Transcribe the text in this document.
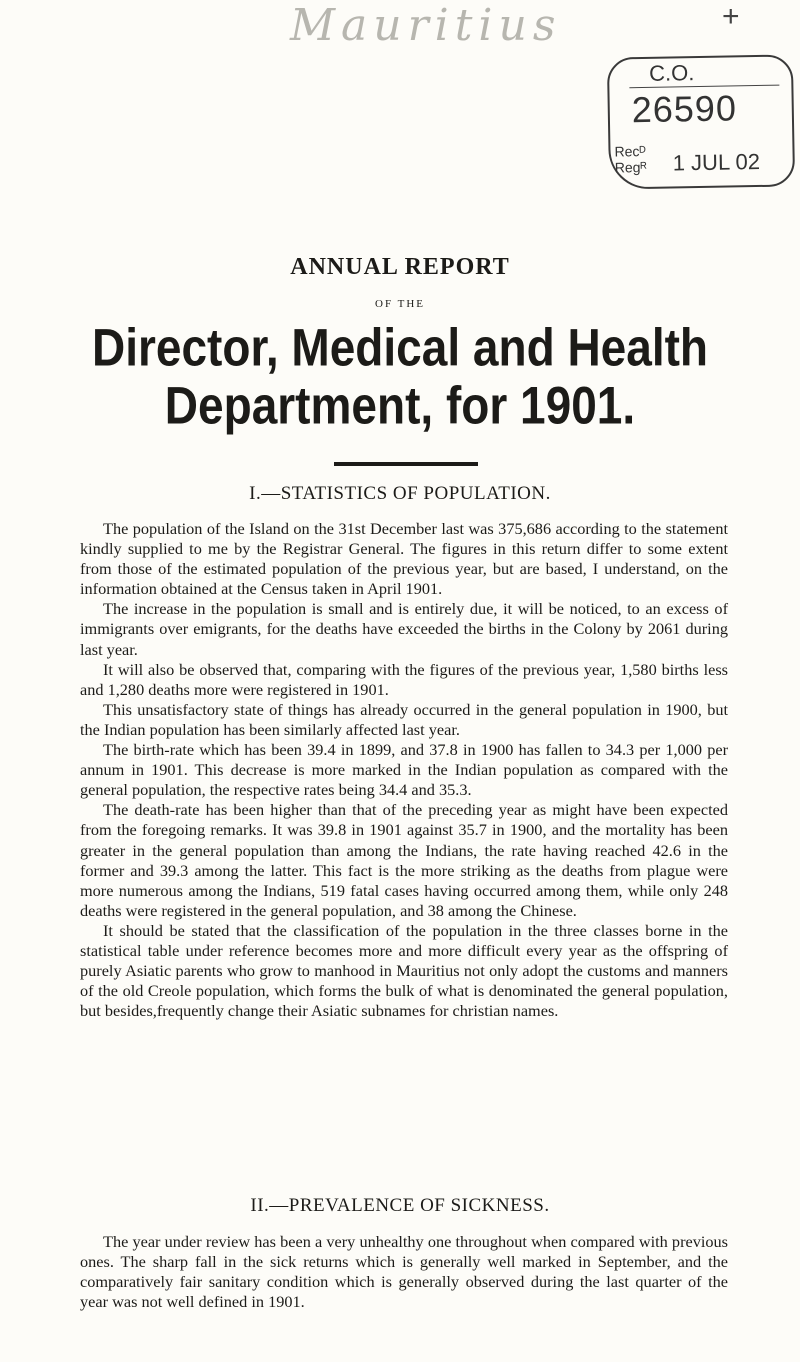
Mauritius	+
C.O.
26590
Recᴰ
Regᴿ 1 JUL 02
ANNUAL REPORT
OF THE
Director, Medical and Health
Department, for 1901.
I.—STATISTICS OF POPULATION.

The population of the Island on the 31st December last was 375,686 according to the statement kindly supplied to me by the Registrar General. The figures in this return differ to some extent from those of the estimated population of the previous year, but are based, I understand, on the information obtained at the Census taken in April 1901.

The increase in the population is small and is entirely due, it will be noticed, to an excess of immigrants over emigrants, for the deaths have exceeded the births in the Colony by 2061 during last year.

It will also be observed that, comparing with the figures of the previous year, 1,580 births less and 1,280 deaths more were registered in 1901.

This unsatisfactory state of things has already occurred in the general population in 1900, but the Indian population has been similarly affected last year.

The birth-rate which has been 39.4 in 1899, and 37.8 in 1900 has fallen to 34.3 per 1,000 per annum in 1901. This decrease is more marked in the Indian population as compared with the general population, the respective rates being 34.4 and 35.3.

The death-rate has been higher than that of the preceding year as might have been expected from the foregoing remarks. It was 39.8 in 1901 against 35.7 in 1900, and the mortality has been greater in the general population than among the Indians, the rate having reached 42.6 in the former and 39.3 among the latter. This fact is the more striking as the deaths from plague were more numerous among the Indians, 519 fatal cases having occurred among them, while only 248 deaths were registered in the general population, and 38 among the Chinese.

It should be stated that the classification of the population in the three classes borne in the statistical table under reference becomes more and more difficult every year as the offspring of purely Asiatic parents who grow to manhood in Mauritius not only adopt the customs and manners of the old Creole population, which forms the bulk of what is denominated the general population, but besides,frequently change their Asiatic subnames for christian names.

II.—PREVALENCE OF SICKNESS.

The year under review has been a very unhealthy one throughout when compared with previous ones. The sharp fall in the sick returns which is generally well marked in September, and the comparatively fair sanitary condition which is generally observed during the last quarter of the year was not well defined in 1901.
